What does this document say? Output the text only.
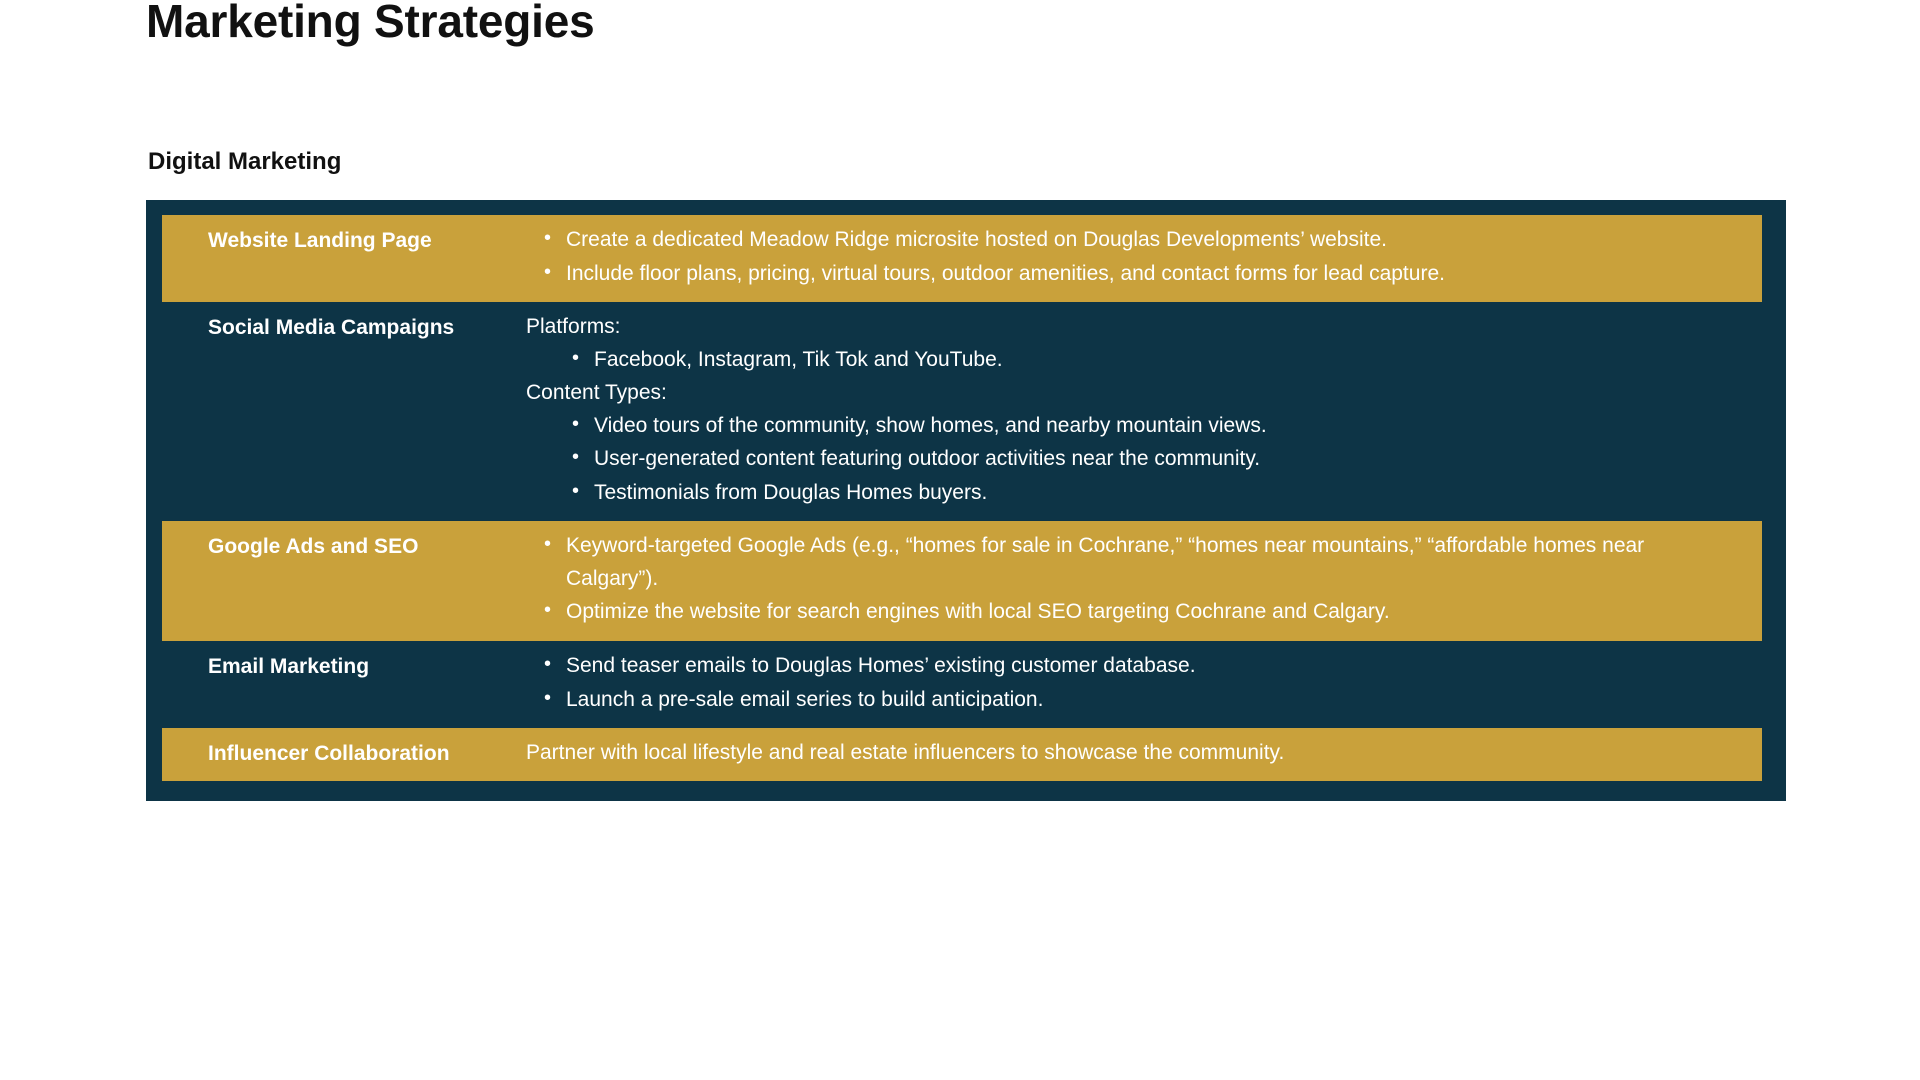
Marketing Strategies
Digital Marketing
Website Landing Page	• Create a dedicated Meadow Ridge microsite hosted on Douglas Developments’ website.
• Include floor plans, pricing, virtual tours, outdoor amenities, and contact forms for lead capture.
Social Media Campaigns	Platforms:
• Facebook, Instagram, Tik Tok and YouTube.
Content Types:
• Video tours of the community, show homes, and nearby mountain views.
• User-generated content featuring outdoor activities near the community.
• Testimonials from Douglas Homes buyers.
Google Ads and SEO	• Keyword-targeted Google Ads (e.g., “homes for sale in Cochrane,” “homes near mountains,” “affordable homes near Calgary”).
• Optimize the website for search engines with local SEO targeting Cochrane and Calgary.
Email Marketing	• Send teaser emails to Douglas Homes’ existing customer database.
• Launch a pre-sale email series to build anticipation.
Influencer Collaboration	Partner with local lifestyle and real estate influencers to showcase the community.
